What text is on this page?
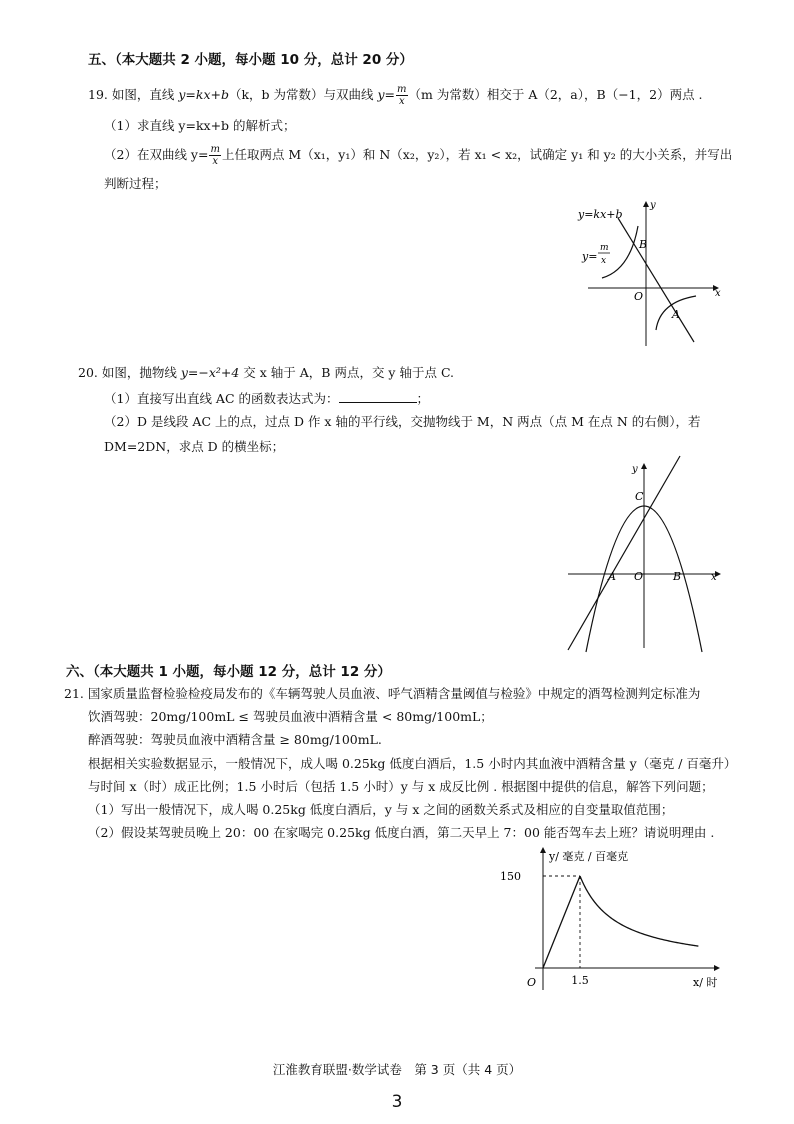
五、（本大题共 2 小题，每小题 10 分，总计 20 分）
19. 如图，直线 y=kx+b（k，b 为常数）与双曲线 $y= \frac{m}{x} (m$ 为常数）相交于 A（2，a），B（−1，2）两点 .
（1）求直线 y=kx+b 的解析式；
（2）在双曲线 $y= \frac{m}{x}$ 上任取两点 M（x₁，y₁）和 N（x₂，y₂），若 x₁ < x₂，试确定 y₁ 和 y₂ 的大小关系，并写出
判断过程；
y=kx+b
y=
m
x
B
A
O	x
y
20. 如图，抛物线 y=−x²+4 交 x 轴于 A，B 两点，交 y 轴于点 C.
（1）直接写出直线 AC 的函数表达式为：	；
（2）D 是线段 AC 上的点，过点 D 作 x 轴的平行线，交抛物线于 M，N 两点（点 M 在点 N 的右侧），若
DM=2DN，求点 D 的横坐标；
C
A O	B	x
y
六、（本大题共 1 小题，每小题 12 分，总计 12 分）
21. 国家质量监督检验检疫局发布的《车辆驾驶人员血液、呼气酒精含量阈值与检验》中规定的酒驾检测判定标准为
饮酒驾驶：20mg/100mL ≤ 驾驶员血液中酒精含量 < 80mg/100mL；
醉酒驾驶：驾驶员血液中酒精含量 ≥ 80mg/100mL.
根据相关实验数据显示，一般情况下，成人喝 0.25kg 低度白酒后，1.5 小时内其血液中酒精含量 y（毫克 / 百毫升）
与时间 x（时）成正比例；1.5 小时后（包括 1.5 小时）y 与 x 成反比例 . 根据图中提供的信息，解答下列问题；
（1）写出一般情况下，成人喝 0.25kg 低度白酒后，y 与 x 之间的函数关系式及相应的自变量取值范围；
（2）假设某驾驶员晚上 20：00 在家喝完 0.25kg 低度白酒，第二天早上 7：00 能否驾车去上班？请说明理由 .
150
1.5
O
y/ 毫克 / 百毫克
x/ 时
江淮教育联盟·数学试卷　第 3 页（共 4 页）
3
